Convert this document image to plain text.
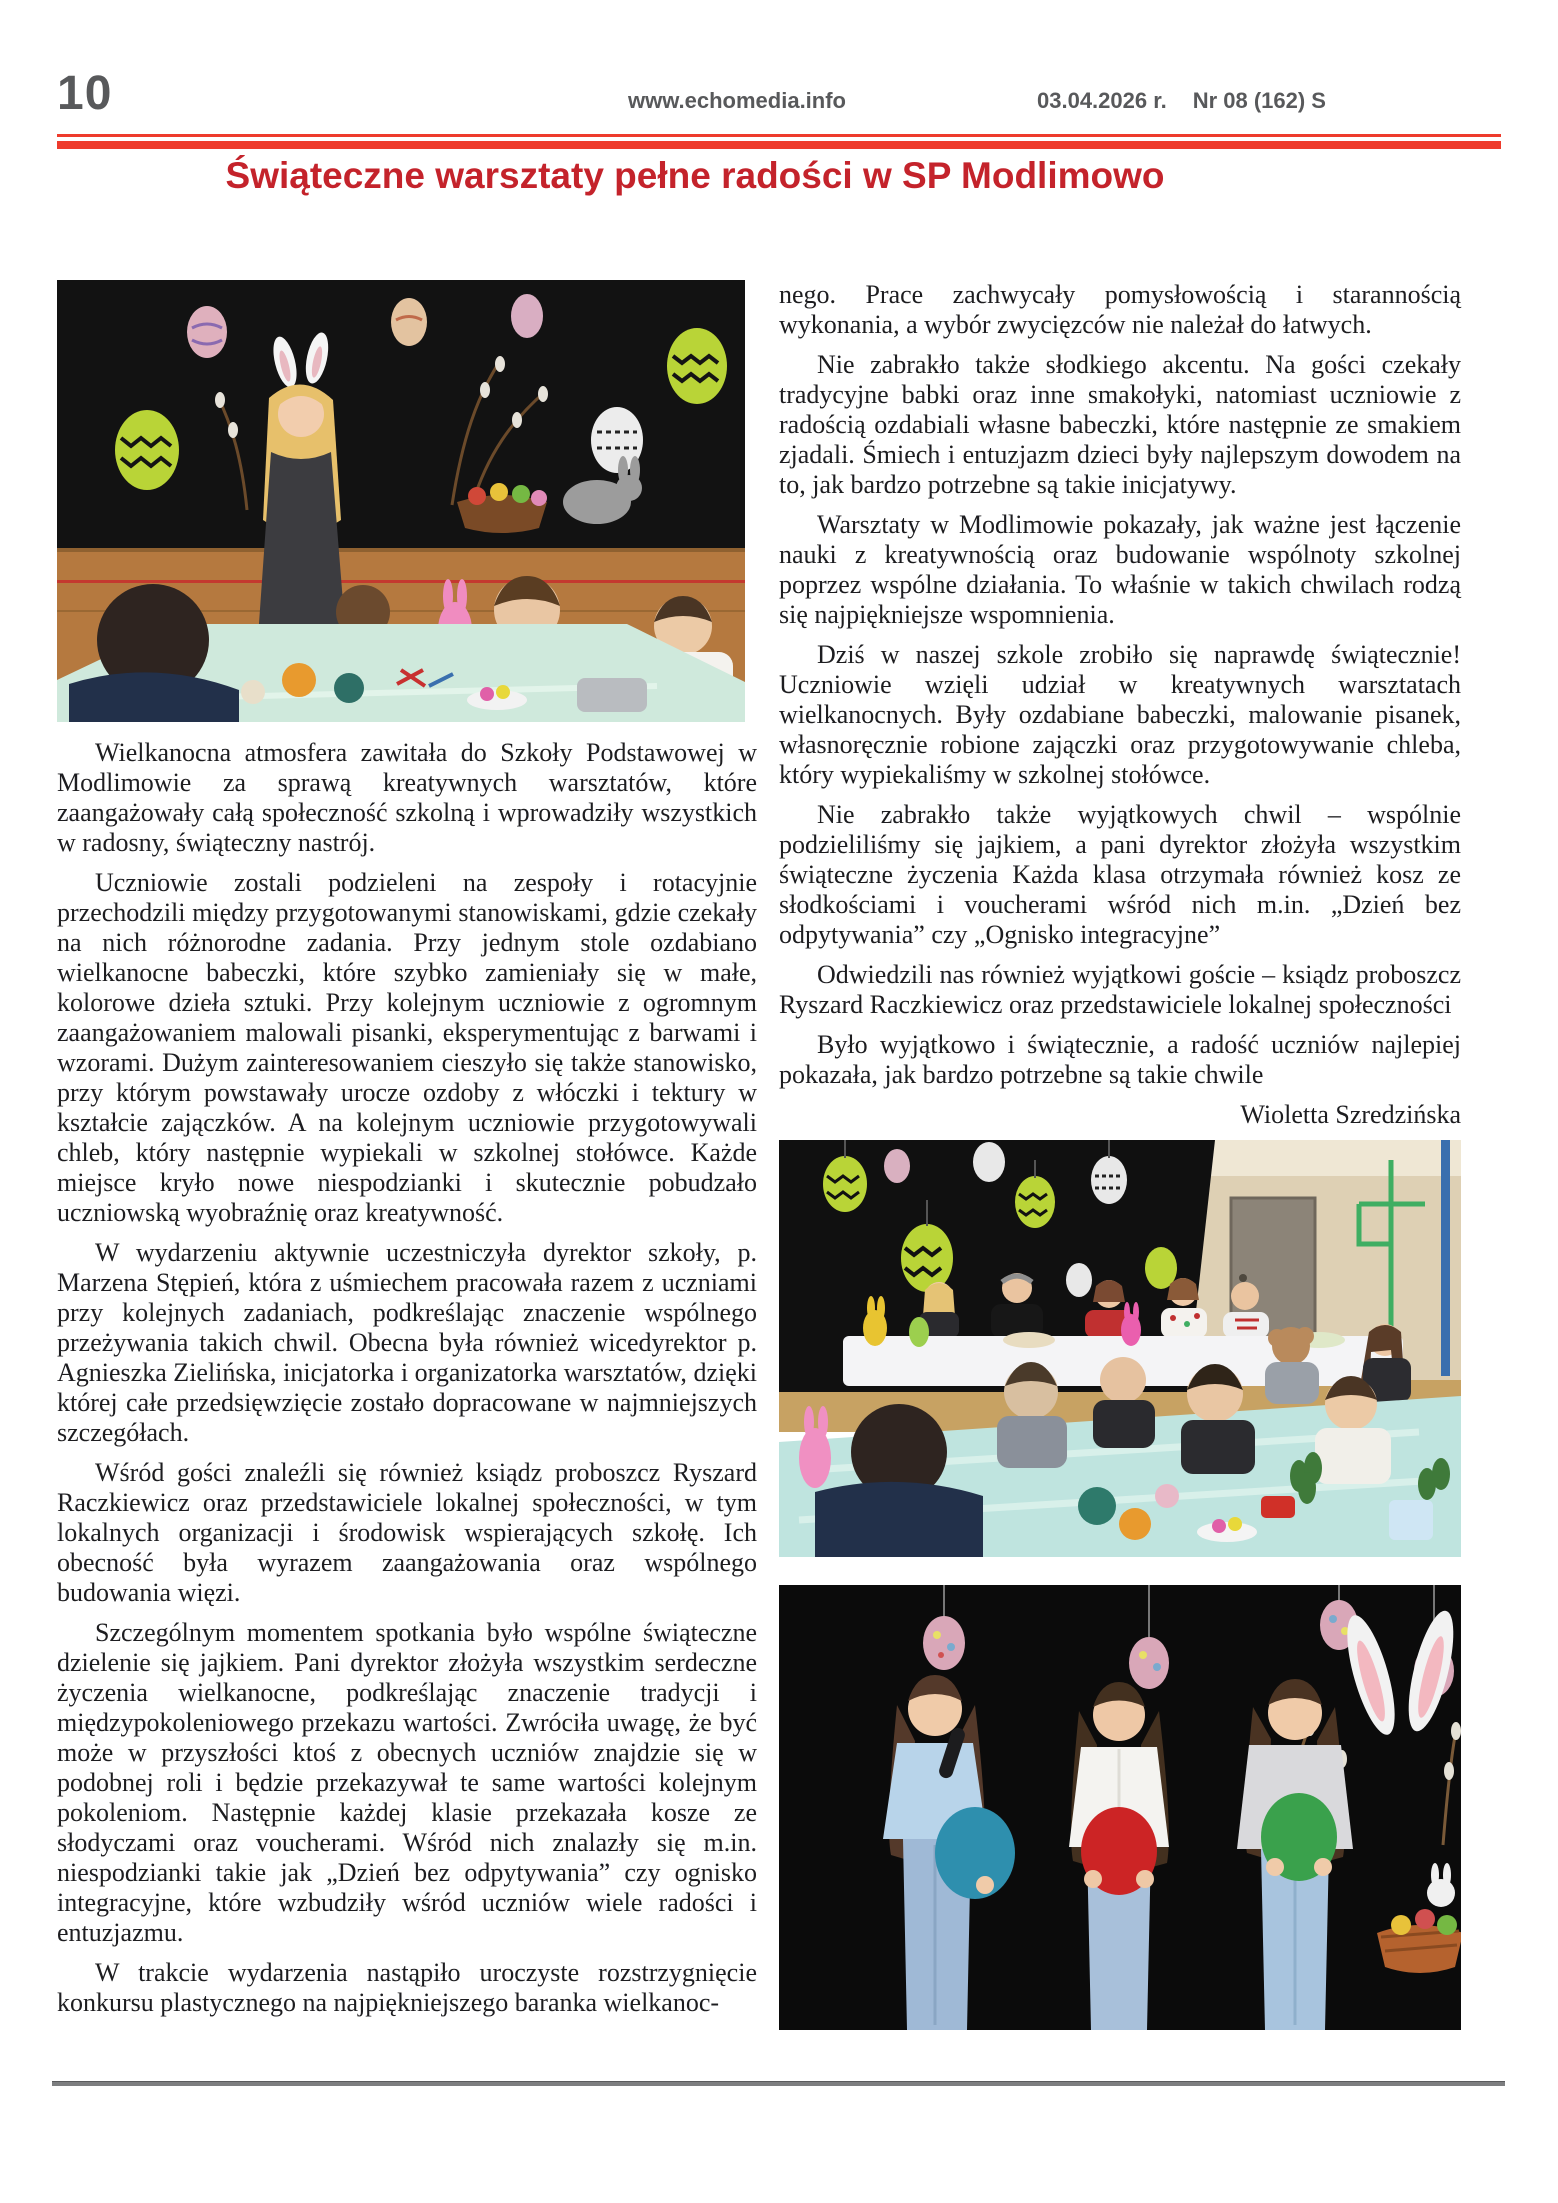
10	www.echomedia.info	03.04.2026 r. Nr 08 (162) S
Świąteczne warsztaty pełne radości w SP Modlimowo

Wielkanocna atmosfera zawitała do Szkoły Podstawowej w Modlimowie za sprawą kreatywnych warsztatów, które zaangażowały całą społeczność szkolną i wprowadziły wszystkich w radosny, świąteczny nastrój.

Uczniowie zostali podzieleni na zespoły i rotacyjnie przechodzili między przygotowanymi stanowiskami, gdzie czekały na nich różnorodne zadania. Przy jednym stole ozdabiano wielkanocne babeczki, które szybko zamieniały się w małe, kolorowe dzieła sztuki. Przy kolejnym uczniowie z ogromnym zaangażowaniem malowali pisanki, eksperymentując z barwami i wzorami. Dużym zainteresowaniem cieszyło się także stanowisko, przy którym powstawały urocze ozdoby z włóczki i tektury w kształcie zajączków. A na kolejnym uczniowie przygotowywali chleb, który następnie wypiekali w szkolnej stołówce. Każde miejsce kryło nowe niespodzianki i skutecznie pobudzało uczniowską wyobraźnię oraz kreatywność.

W wydarzeniu aktywnie uczestniczyła dyrektor szkoły, p. Marzena Stępień, która z uśmiechem pracowała razem z uczniami przy kolejnych zadaniach, podkreślając znaczenie wspólnego przeżywania takich chwil. Obecna była również wicedyrektor p. Agnieszka Zielińska, inicjatorka i organizatorka warsztatów, dzięki której całe przedsięwzięcie zostało dopracowane w najmniejszych szczegółach.

Wśród gości znaleźli się również ksiądz proboszcz Ryszard Raczkiewicz oraz przedstawiciele lokalnej społeczności, w tym lokalnych organizacji i środowisk wspierających szkołę. Ich obecność była wyrazem zaangażowania oraz wspólnego budowania więzi.

Szczególnym momentem spotkania było wspólne świąteczne dzielenie się jajkiem. Pani dyrektor złożyła wszystkim serdeczne życzenia wielkanocne, podkreślając znaczenie tradycji i międzypokoleniowego przekazu wartości. Zwróciła uwagę, że być może w przyszłości ktoś z obecnych uczniów znajdzie się w podobnej roli i będzie przekazywał te same wartości kolejnym pokoleniom. Następnie każdej klasie przekazała kosze ze słodyczami oraz voucherami. Wśród nich znalazły się m.in. niespodzianki takie jak „Dzień bez odpytywania” czy ognisko integracyjne, które wzbudziły wśród uczniów wiele radości i entuzjazmu.

W trakcie wydarzenia nastąpiło uroczyste rozstrzygnięcie konkursu plastycznego na najpiękniejszego baranka wielkanoc-

nego. Prace zachwycały pomysłowością i starannością wykonania, a wybór zwycięzców nie należał do łatwych.

Nie zabrakło także słodkiego akcentu. Na gości czekały tradycyjne babki oraz inne smakołyki, natomiast uczniowie z radością ozdabiali własne babeczki, które następnie ze smakiem zjadali. Śmiech i entuzjazm dzieci były najlepszym dowodem na to, jak bardzo potrzebne są takie inicjatywy.

Warsztaty w Modlimowie pokazały, jak ważne jest łączenie nauki z kreatywnością oraz budowanie wspólnoty szkolnej poprzez wspólne działania. To właśnie w takich chwilach rodzą się najpiękniejsze wspomnienia.

Dziś w naszej szkole zrobiło się naprawdę świątecznie! Uczniowie wzięli udział w kreatywnych warsztatach wielkanocnych. Były ozdabiane babeczki, malowanie pisanek, własnoręcznie robione zajączki oraz przygotowywanie chleba, który wypiekaliśmy w szkolnej stołówce.

Nie zabrakło także wyjątkowych chwil – wspólnie podzieliliśmy się jajkiem, a pani dyrektor złożyła wszystkim świąteczne życzenia Każda klasa otrzymała również kosz ze słodkościami i voucherami wśród nich m.in. „Dzień bez odpytywania” czy „Ognisko integracyjne”

Odwiedzili nas również wyjątkowi goście – ksiądz proboszcz Ryszard Raczkiewicz oraz przedstawiciele lokalnej społeczności

Było wyjątkowo i świątecznie, a radość uczniów najlepiej pokazała, jak bardzo potrzebne są takie chwile

Wioletta Szredzińska
